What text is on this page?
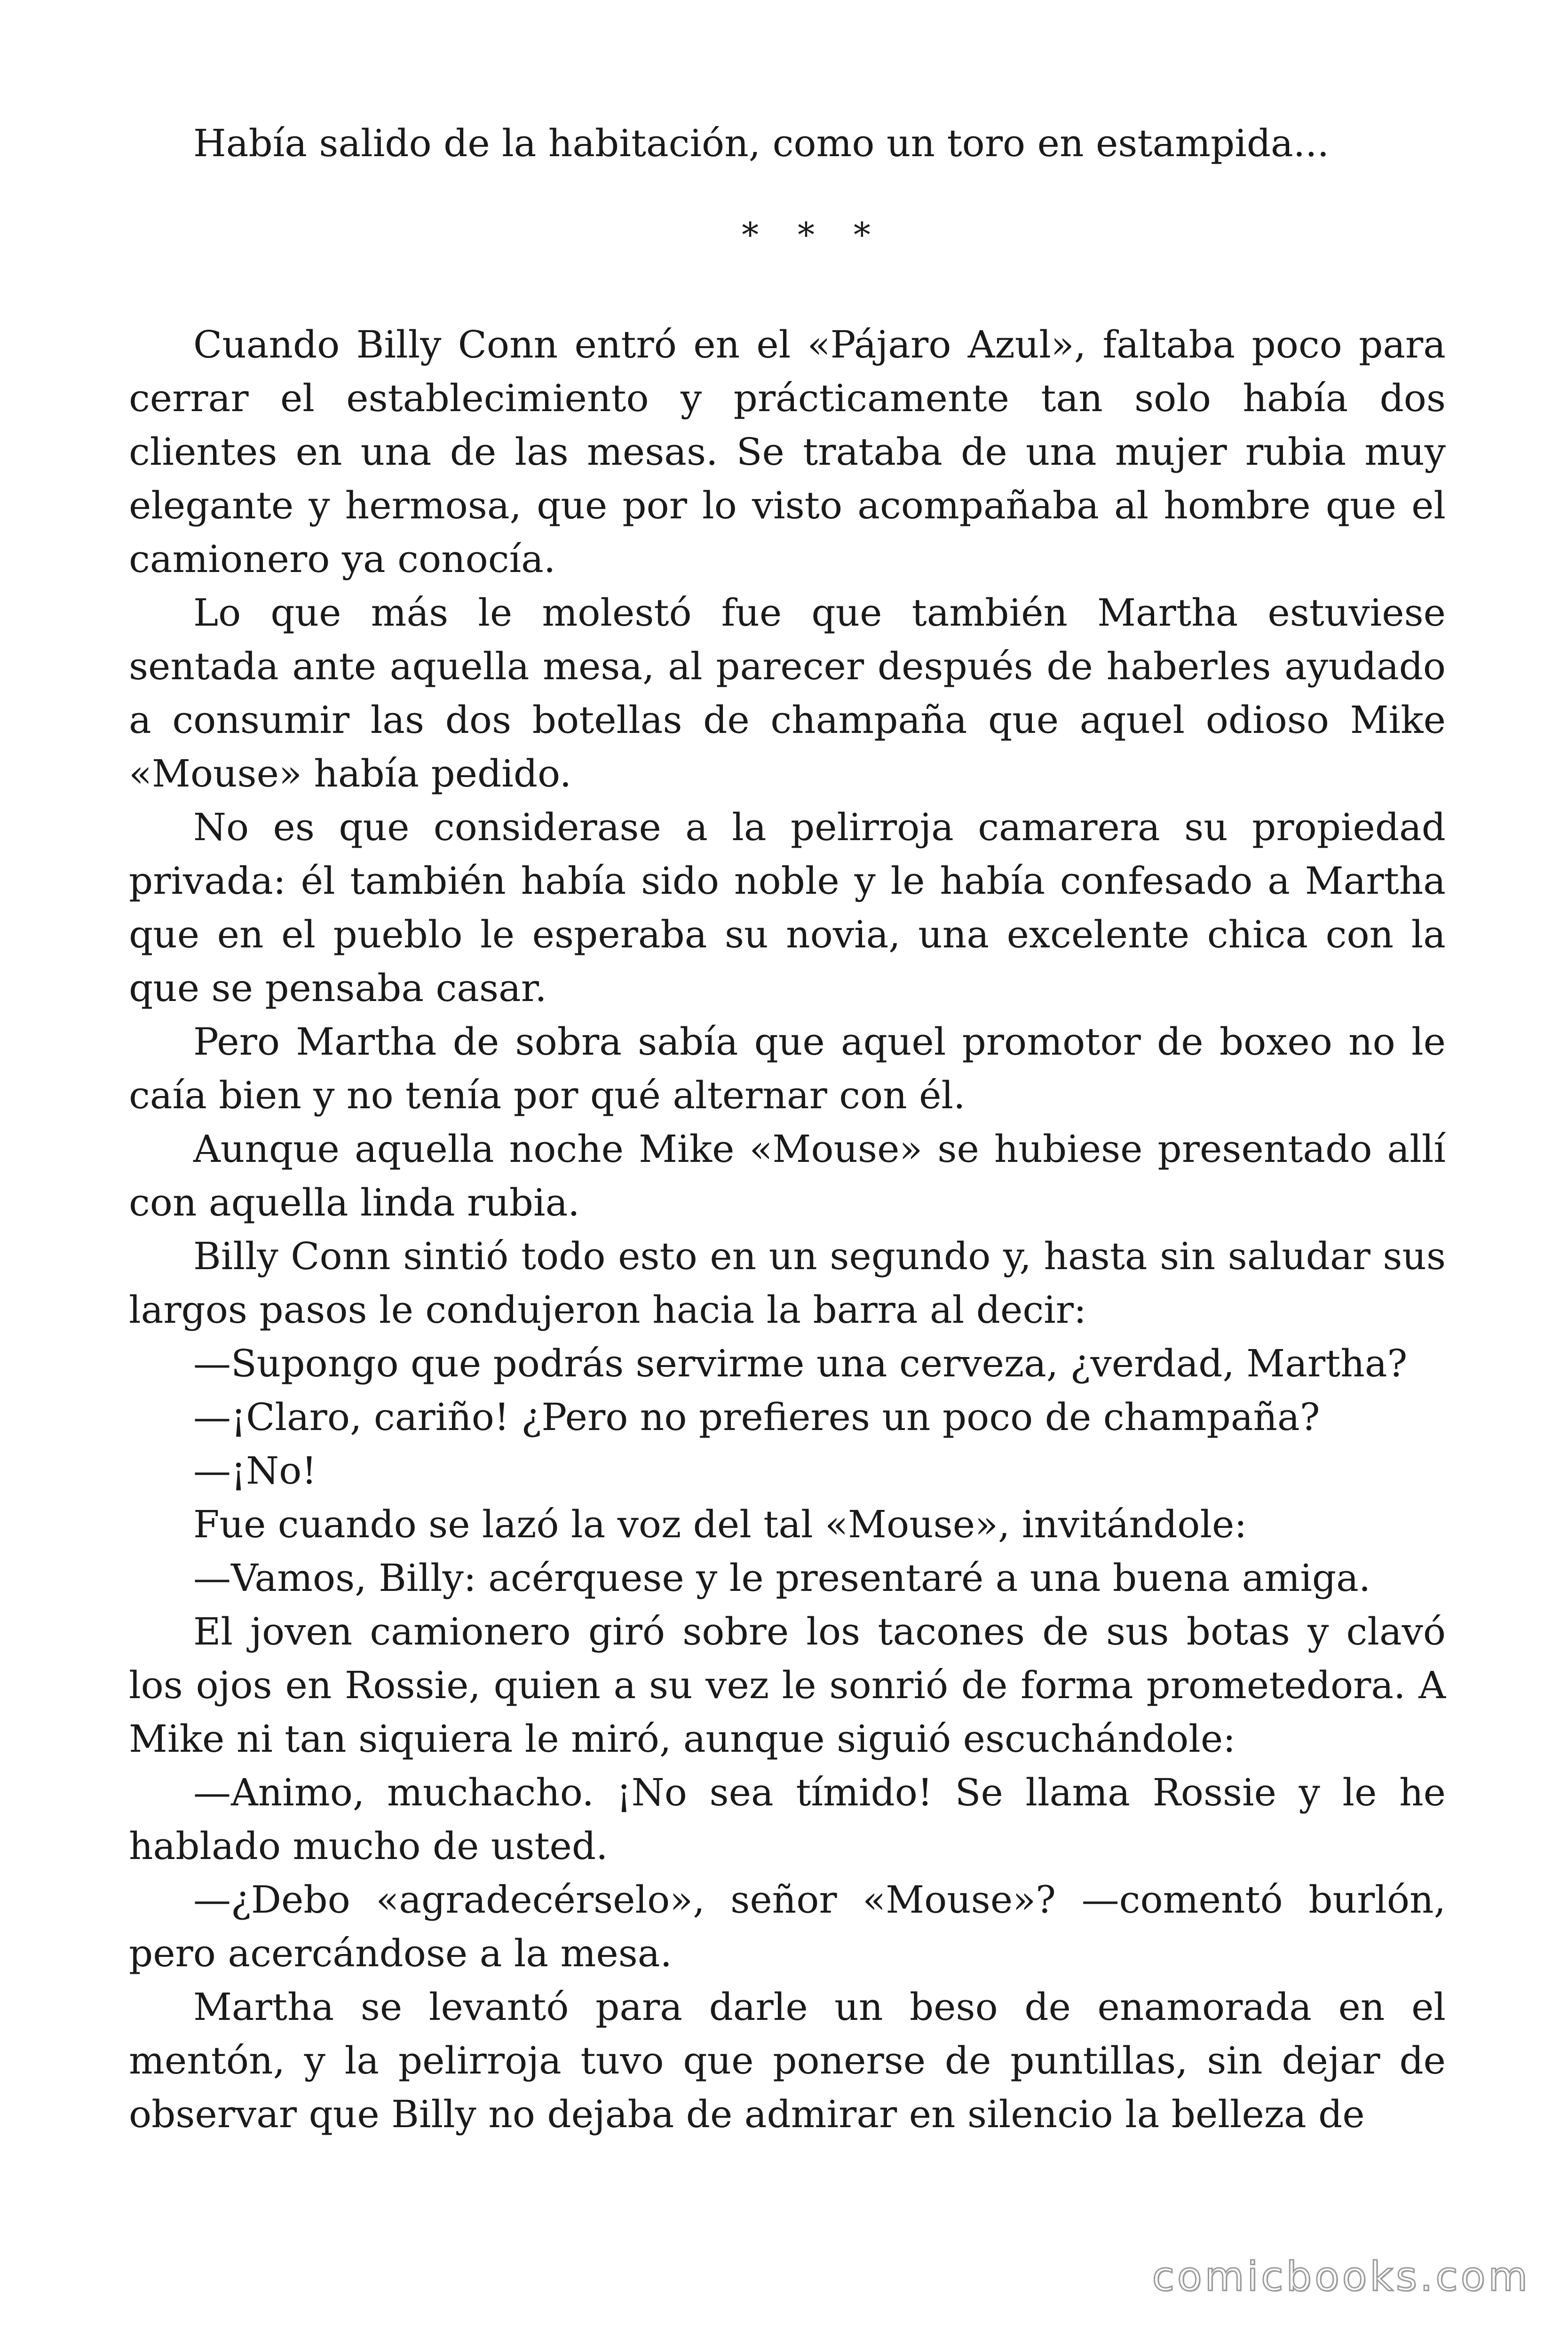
Había salido de la habitación, como un toro en estampida...

* * *

Cuando Billy Conn entró en el «Pájaro Azul», faltaba poco para cerrar el establecimiento y prácticamente tan solo había dos clientes en una de las mesas. Se trataba de una mujer rubia muy elegante y hermosa, que por lo visto acompañaba al hombre que el camionero ya conocía.

Lo que más le molestó fue que también Martha estuviese sentada ante aquella mesa, al parecer después de haberles ayudado a consumir las dos botellas de champaña que aquel odioso Mike «Mouse» había pedido.

No es que considerase a la pelirroja camarera su propiedad privada: él también había sido noble y le había confesado a Martha que en el pueblo le esperaba su novia, una excelente chica con la que se pensaba casar.

Pero Martha de sobra sabía que aquel promotor de boxeo no le caía bien y no tenía por qué alternar con él.

Aunque aquella noche Mike «Mouse» se hubiese presentado allí con aquella linda rubia.

Billy Conn sintió todo esto en un segundo y, hasta sin saludar sus largos pasos le condujeron hacia la barra al decir:

—Supongo que podrás servirme una cerveza, ¿verdad, Martha?

—¡Claro, cariño! ¿Pero no prefieres un poco de champaña?

—¡No!

Fue cuando se lazó la voz del tal «Mouse», invitándole:

—Vamos, Billy: acérquese y le presentaré a una buena amiga.

El joven camionero giró sobre los tacones de sus botas y clavó los ojos en Rossie, quien a su vez le sonrió de forma prometedora. A Mike ni tan siquiera le miró, aunque siguió escuchándole:

—Animo, muchacho. ¡No sea tímido! Se llama Rossie y le he hablado mucho de usted.

—¿Debo «agradecérselo», señor «Mouse»? —comentó burlón, pero acercándose a la mesa.

Martha se levantó para darle un beso de enamorada en el mentón, y la pelirroja tuvo que ponerse de puntillas, sin dejar de observar que Billy no dejaba de admirar en silencio la belleza de

comicbooks.com
